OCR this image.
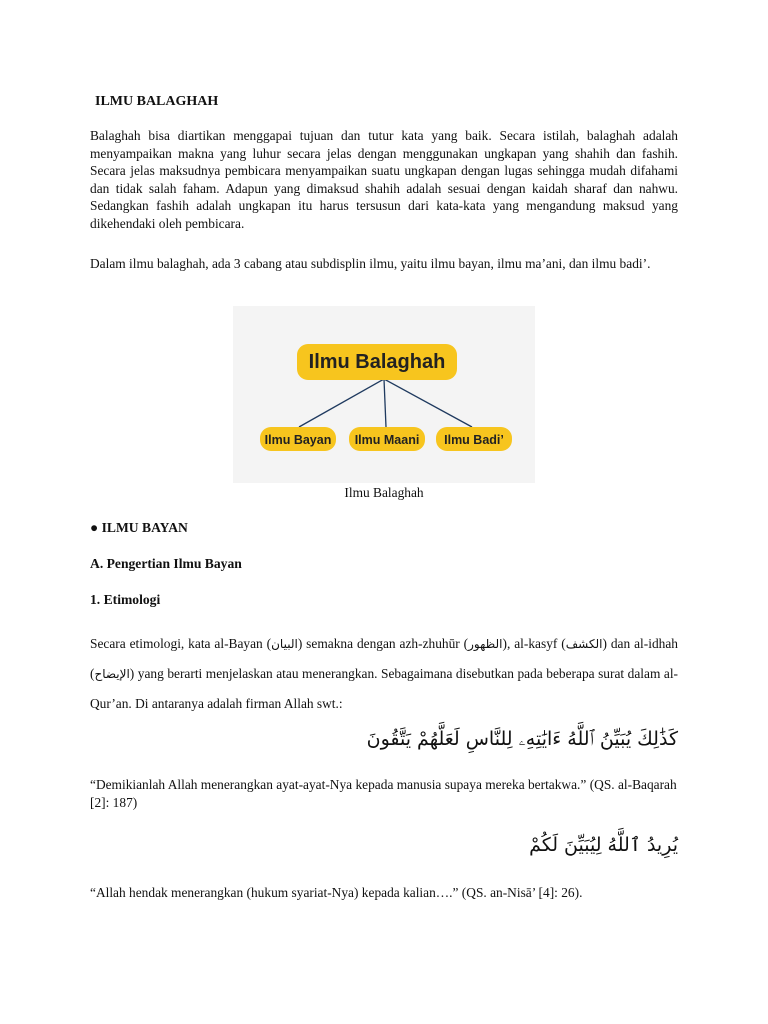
ILMU BALAGHAH
Balaghah bisa diartikan menggapai tujuan dan tutur kata yang baik. Secara istilah, balaghah adalah menyampaikan makna yang luhur secara jelas dengan menggunakan ungkapan yang shahih dan fashih. Secara jelas maksudnya pembicara menyampaikan suatu ungkapan dengan lugas sehingga mudah difahami dan tidak salah faham. Adapun yang dimaksud shahih adalah sesuai dengan kaidah sharaf dan nahwu. Sedangkan fashih adalah ungkapan itu harus tersusun dari kata-kata yang mengandung maksud yang dikehendaki oleh pembicara.
Dalam ilmu balaghah, ada 3 cabang atau subdisplin ilmu, yaitu ilmu bayan, ilmu ma’ani, dan ilmu badi’.
Ilmu Balaghah
Ilmu Bayan Ilmu Maani Ilmu Badi’
Ilmu Balaghah
● ILMU BAYAN
A. Pengertian Ilmu Bayan
1. Etimologi
Secara etimologi, kata al-Bayan (البيان) semakna dengan azh-zhuhūr (الظهور), al-kasyf (الكشف) dan al-idhah (الإيضاح) yang berarti menjelaskan atau menerangkan. Sebagaimana disebutkan pada beberapa surat dalam al-Qur’an. Di antaranya adalah firman Allah swt.:
كَذَٰلِكَ يُبَيِّنُ ٱللَّهُ ءَايَٰتِهِۦ لِلنَّاسِ لَعَلَّهُمْ يَتَّقُونَ
“Demikianlah Allah menerangkan ayat-ayat-Nya kepada manusia supaya mereka bertakwa.” (QS. al-Baqarah [2]: 187)
يُرِيدُ ٱللَّهُ لِيُبَيِّنَ لَكُمْ
“Allah hendak menerangkan (hukum syariat-Nya) kepada kalian….” (QS. an-Nisā’ [4]: 26).
